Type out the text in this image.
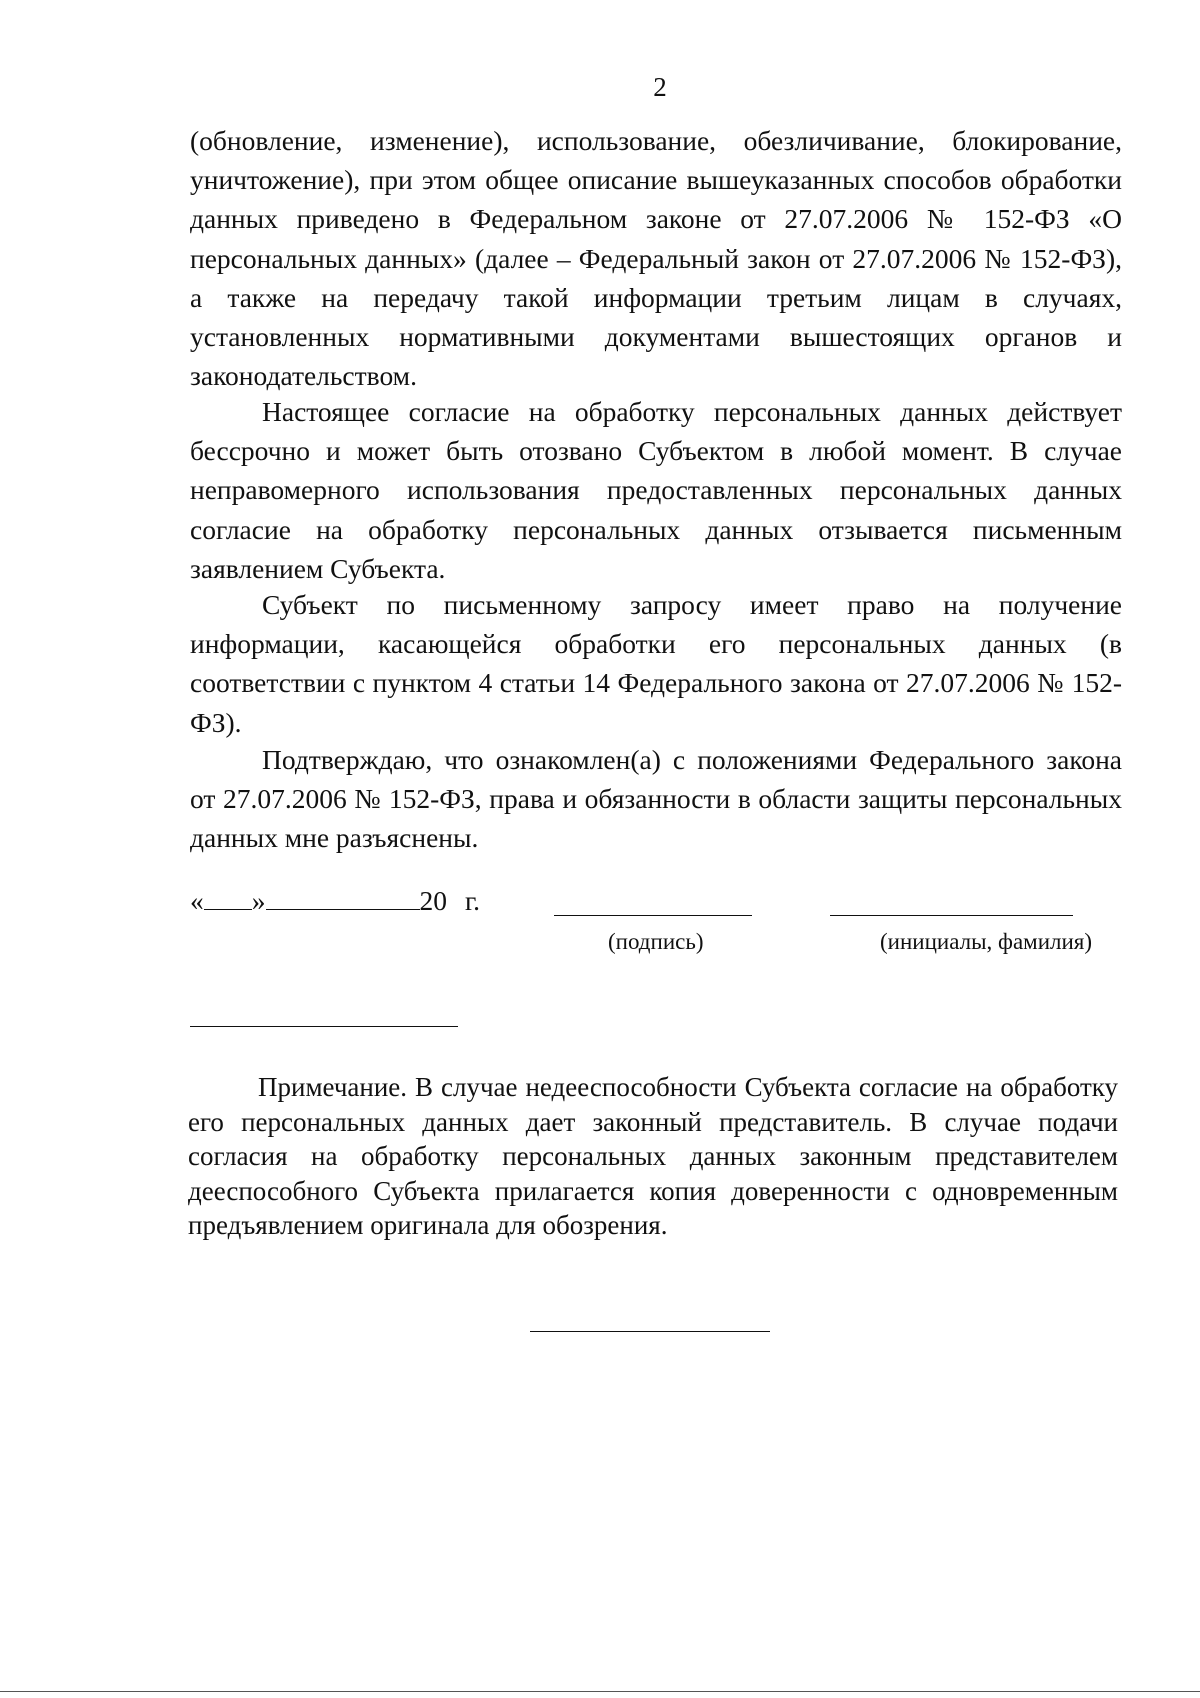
2

(обновление, изменение), использование, обезличивание, блокирование, уничтожение), при этом общее описание вышеуказанных способов обработки данных приведено в Федеральном законе от 27.07.2006 № 152-ФЗ «О персональных данных» (далее – Федеральный закон от 27.07.2006 № 152-ФЗ), а также на передачу такой информации третьим лицам в случаях, установленных нормативными документами вышестоящих органов и законодательством.

Настоящее согласие на обработку персональных данных действует бессрочно и может быть отозвано Субъектом в любой момент. В случае неправомерного использования предоставленных персональных данных согласие на обработку персональных данных отзывается письменным заявлением Субъекта.

Субъект по письменному запросу имеет право на получение информации, касающейся обработки его персональных данных (в соответствии с пунктом 4 статьи 14 Федерального закона от 27.07.2006 № 152-ФЗ).

Подтверждаю, что ознакомлен(а) с положениями Федерального закона от 27.07.2006 № 152-ФЗ, права и обязанности в области защиты персональных данных мне разъяснены.

« »	20 г.
(подпись)	(инициалы, фамилия)

Примечание. В случае недееспособности Субъекта согласие на обработку его персональных данных дает законный представитель. В случае подачи согласия на обработку персональных данных законным представителем дееспособного Субъекта прилагается копия доверенности с одновременным предъявлением оригинала для обозрения.
